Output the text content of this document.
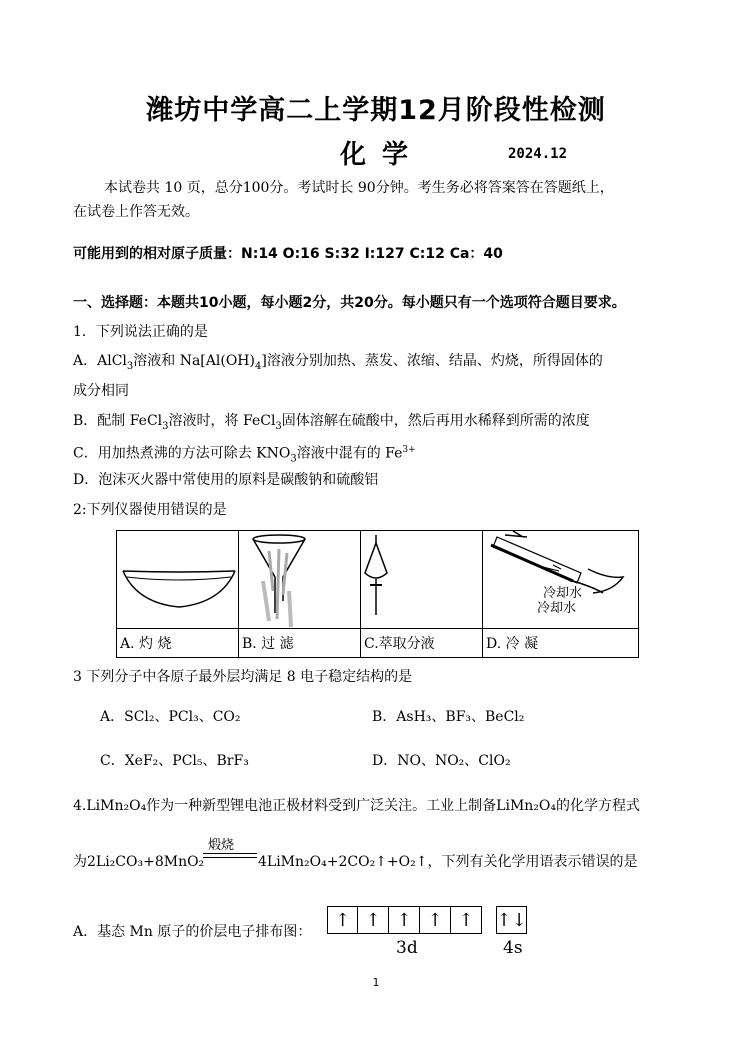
潍坊中学高二上学期12月阶段性检测
化学	2024.12
本试卷共 10 页，总分100分。考试时长 90分钟。考生务必将答案答在答题纸上，
在试卷上作答无效。
可能用到的相对原子质量：N:14 O:16 S:32 I:127 C:12 Ca：40
一、选择题：本题共10小题，每小题2分，共20分。每小题只有一个选项符合题目要求。
1．下列说法正确的是
A．AlCl$_3$溶液和 $Na[Al(OH)_4]$溶液分别加热、蒸发、浓缩、结晶、灼烧，所得固体的
成分相同
B．配制 FeCl$_3$溶液时，将 FeCl$_3$固体溶解在硫酸中，然后再用水稀释到所需的浓度
C．用加热煮沸的方法可除去 $KNO_3$溶液中混有的 $Fe^{3+}$
D．泡沫灭火器中常使用的原料是碳酸钠和硫酸铝
2:下列仪器使用错误的是

冷却水
冷却水

A. 灼 烧	B. 过 滤	C.萃取分液	D. 冷 凝
3 下列分子中各原子最外层均满足 8 电子稳定结构的是
A．SCl₂、PCl₃、CO₂	B．AsH₃、BF₃、BeCl₂
C．XeF₂、PCl₅、BrF₃	D．NO、NO₂、ClO₂
4.LiMn₂O₄作为一种新型锂电池正极材料受到广泛关注。工业上制备LiMn₂O₄的化学方程式
为2Li₂CO₃+8MnO₂
煅烧
4LiMn₂O₄+2CO₂↑+O₂↑，下列有关化学用语表示错误的是
A．基态 Mn 原子的价层电子排布图：
↑ ↑ ↑ ↑ ↑	↑↓
3d	4s
1
